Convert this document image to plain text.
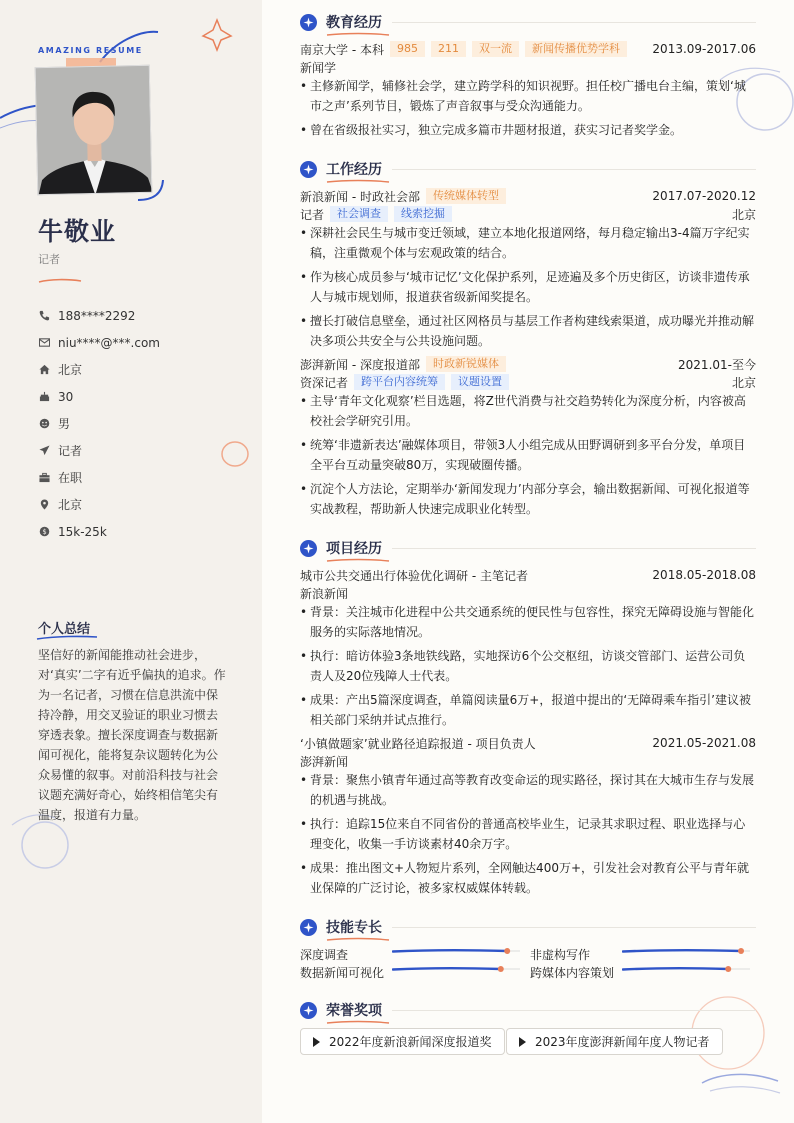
AMAZING RESUME
牛敬业
记者
188****2292
niu****@***.com
北京
30
男
记者
在职
北京
$ 15k-25k
个人总结
坚信好的新闻能推动社会进步，对‘真实’二字有近乎偏执的追求。作为一名记者，习惯在信息洪流中保持冷静，用交叉验证的职业习惯去穿透表象。擅长深度调查与数据新闻可视化，能将复杂议题转化为公众易懂的叙事。对前沿科技与社会议题充满好奇心，始终相信笔尖有温度，报道有力量。
教育经历
南京大学 - 本科	985	211	双一流	新闻传播优势学科	2013.09-2017.06
新闻学
• 主修新闻学，辅修社会学，建立跨学科的知识视野。担任校广播电台主编，策划‘城市之声’系列节目，锻炼了声音叙事与受众沟通能力。
• 曾在省级报社实习，独立完成多篇市井题材报道，获实习记者奖学金。
工作经历
新浪新闻 - 时政社会部	传统媒体转型	2017.07-2020.12
记者	社会调查	线索挖掘	北京
• 深耕社会民生与城市变迁领域，建立本地化报道网络，每月稳定输出3-4篇万字纪实稿，注重微观个体与宏观政策的结合。
• 作为核心成员参与‘城市记忆’文化保护系列，足迹遍及多个历史街区，访谈非遗传承人与城市规划师，报道获省级新闻奖提名。
• 擅长打破信息壁垒，通过社区网格员与基层工作者构建线索渠道，成功曝光并推动解决多项公共安全与公共设施问题。
澎湃新闻 - 深度报道部	时政新锐媒体	2021.01-至今
资深记者	跨平台内容统筹	议题设置	北京
• 主导‘青年文化观察’栏目选题，将Z世代消费与社交趋势转化为深度分析，内容被高校社会学研究引用。
• 统筹‘非遗新表达’融媒体项目，带领3人小组完成从田野调研到多平台分发，单项目全平台互动量突破80万，实现破圈传播。
• 沉淀个人方法论，定期举办‘新闻发现力’内部分享会，输出数据新闻、可视化报道等实战教程，帮助新人快速完成职业化转型。
项目经历
城市公共交通出行体验优化调研 - 主笔记者	2018.05-2018.08
新浪新闻
• 背景：关注城市化进程中公共交通系统的便民性与包容性，探究无障碍设施与智能化服务的实际落地情况。
• 执行：暗访体验3条地铁线路，实地探访6个公交枢纽，访谈交管部门、运营公司负责人及20位残障人士代表。
• 成果：产出5篇深度调查，单篇阅读量6万+，报道中提出的‘无障碍乘车指引’建议被相关部门采纳并试点推行。
‘小镇做题家’就业路径追踪报道 - 项目负责人	2021.05-2021.08
澎湃新闻
• 背景：聚焦小镇青年通过高等教育改变命运的现实路径，探讨其在大城市生存与发展的机遇与挑战。
• 执行：追踪15位来自不同省份的普通高校毕业生，记录其求职过程、职业选择与心理变化，收集一手访谈素材40余万字。
• 成果：推出图文+人物短片系列，全网触达400万+，引发社会对教育公平与青年就业保障的广泛讨论，被多家权威媒体转载。
技能专长
深度调查	非虚构写作
数据新闻可视化	跨媒体内容策划
荣誉奖项
2022年度新浪新闻深度报道奖	2023年度澎湃新闻年度人物记者
